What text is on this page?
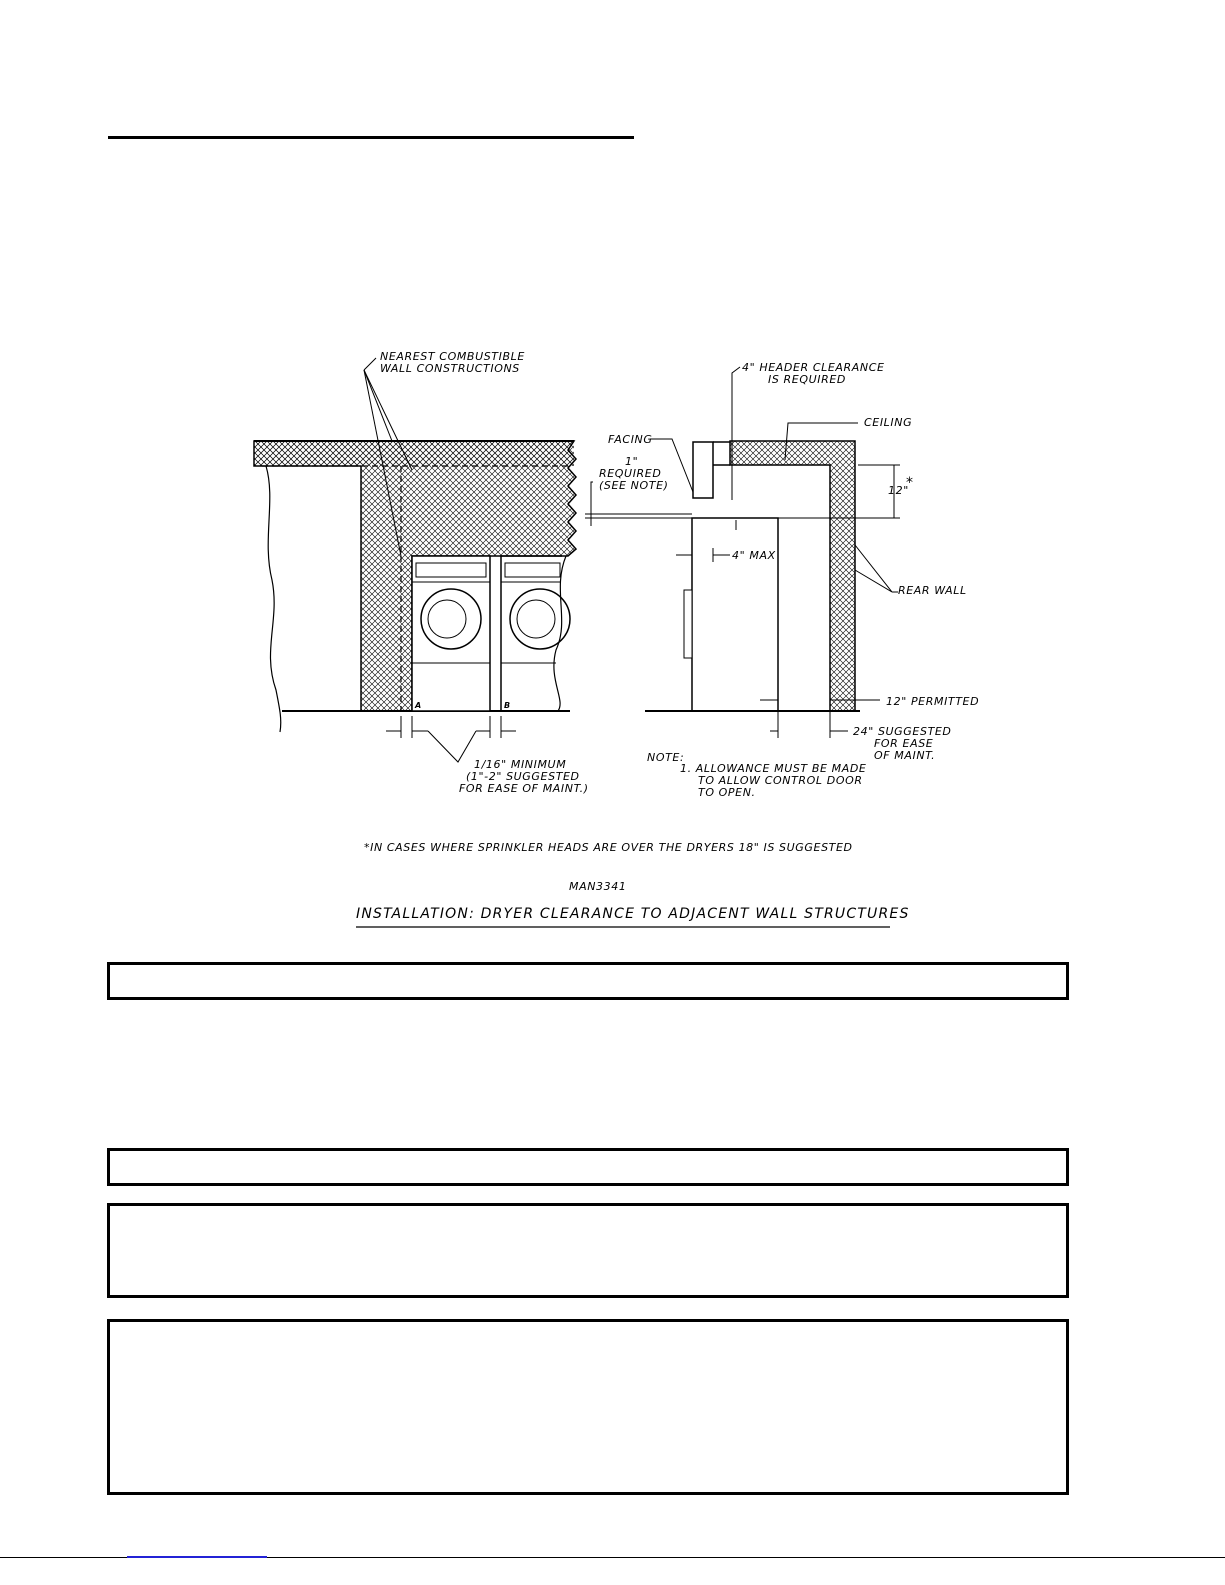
NEAREST COMBUSTIBLE
WALL CONSTRUCTIONS
A	B
1/16" MINIMUM
(1"-2" SUGGESTED
FOR EASE OF MAINT.)
4" HEADER CLEARANCE
IS REQUIRED
CEILING
FACING
1"
REQUIRED
(SEE NOTE)	12"
*
4" MAX
REAR WALL
12" PERMITTED
24" SUGGESTED
FOR EASE
OF MAINT.
NOTE:
1. ALLOWANCE MUST BE MADE
TO ALLOW CONTROL DOOR
TO OPEN.
*IN CASES WHERE SPRINKLER HEADS ARE OVER THE DRYERS 18" IS SUGGESTED
MAN3341
INSTALLATION: DRYER CLEARANCE TO ADJACENT WALL STRUCTURES
